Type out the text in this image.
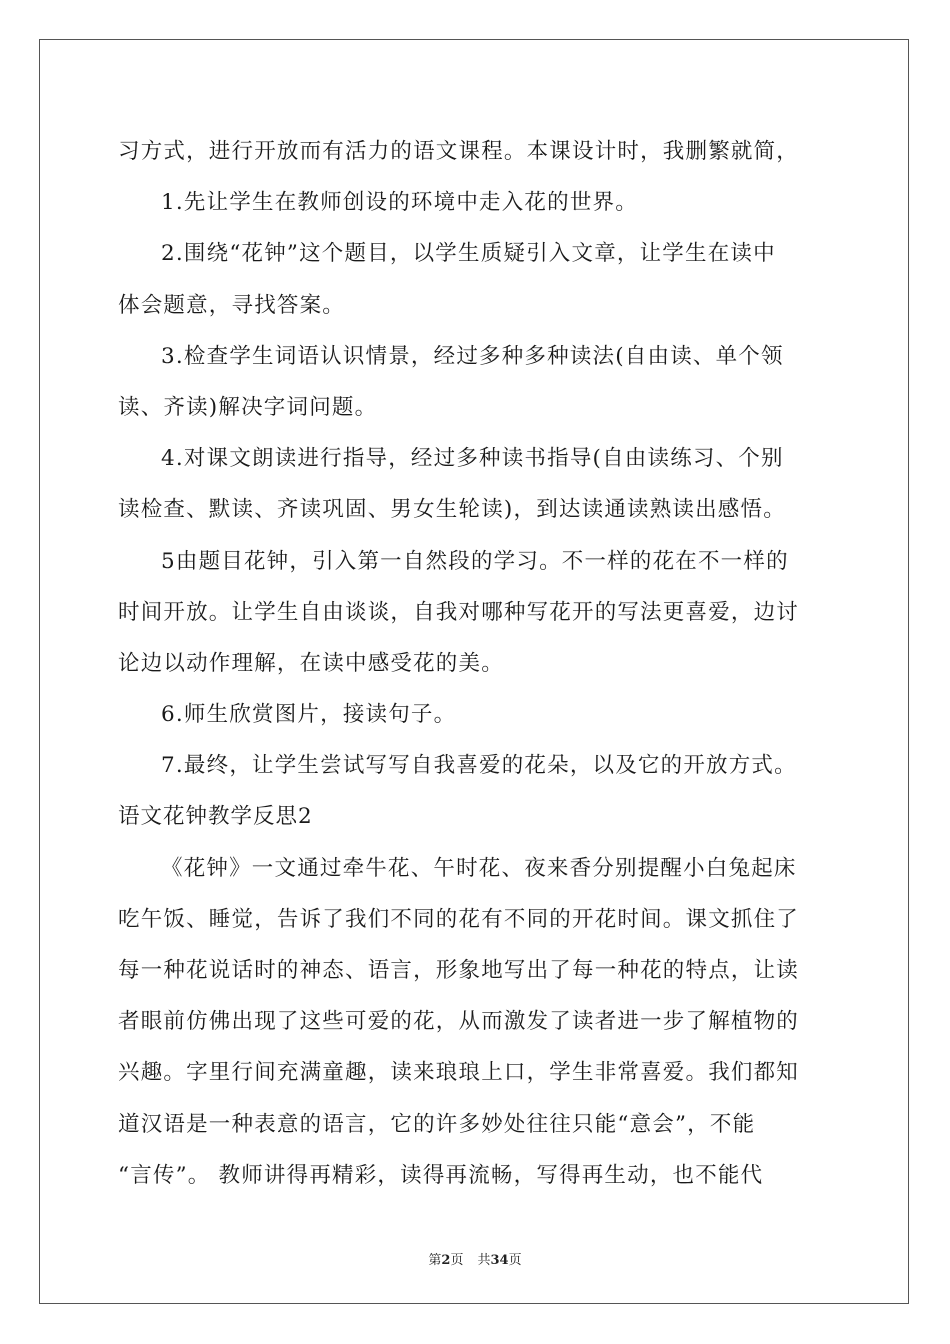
习方式，进行开放而有活力的语文课程。本课设计时，我删繁就简，
1.先让学生在教师创设的环境中走入花的世界。
2.围绕“花钟”这个题目，以学生质疑引入文章，让学生在读中
体会题意，寻找答案。
3.检查学生词语认识情景，经过多种多种读法(自由读、单个领
读、齐读)解决字词问题。
4.对课文朗读进行指导，经过多种读书指导(自由读练习、个别
读检查、默读、齐读巩固、男女生轮读)，到达读通读熟读出感悟。
5由题目花钟，引入第一自然段的学习。不一样的花在不一样的
时间开放。让学生自由谈谈，自我对哪种写花开的写法更喜爱，边讨
论边以动作理解，在读中感受花的美。
6.师生欣赏图片，接读句子。
7.最终，让学生尝试写写自我喜爱的花朵，以及它的开放方式。
语文花钟教学反思2
《花钟》一文通过牵牛花、午时花、夜来香分别提醒小白兔起床
吃午饭、睡觉，告诉了我们不同的花有不同的开花时间。课文抓住了
每一种花说话时的神态、语言，形象地写出了每一种花的特点，让读
者眼前仿佛出现了这些可爱的花，从而激发了读者进一步了解植物的
兴趣。字里行间充满童趣，读来琅琅上口，学生非常喜爱。我们都知
道汉语是一种表意的语言，它的许多妙处往往只能“意会”，不能
“言传”。 教师讲得再精彩，读得再流畅，写得再生动，也不能代
第2页 共34页
